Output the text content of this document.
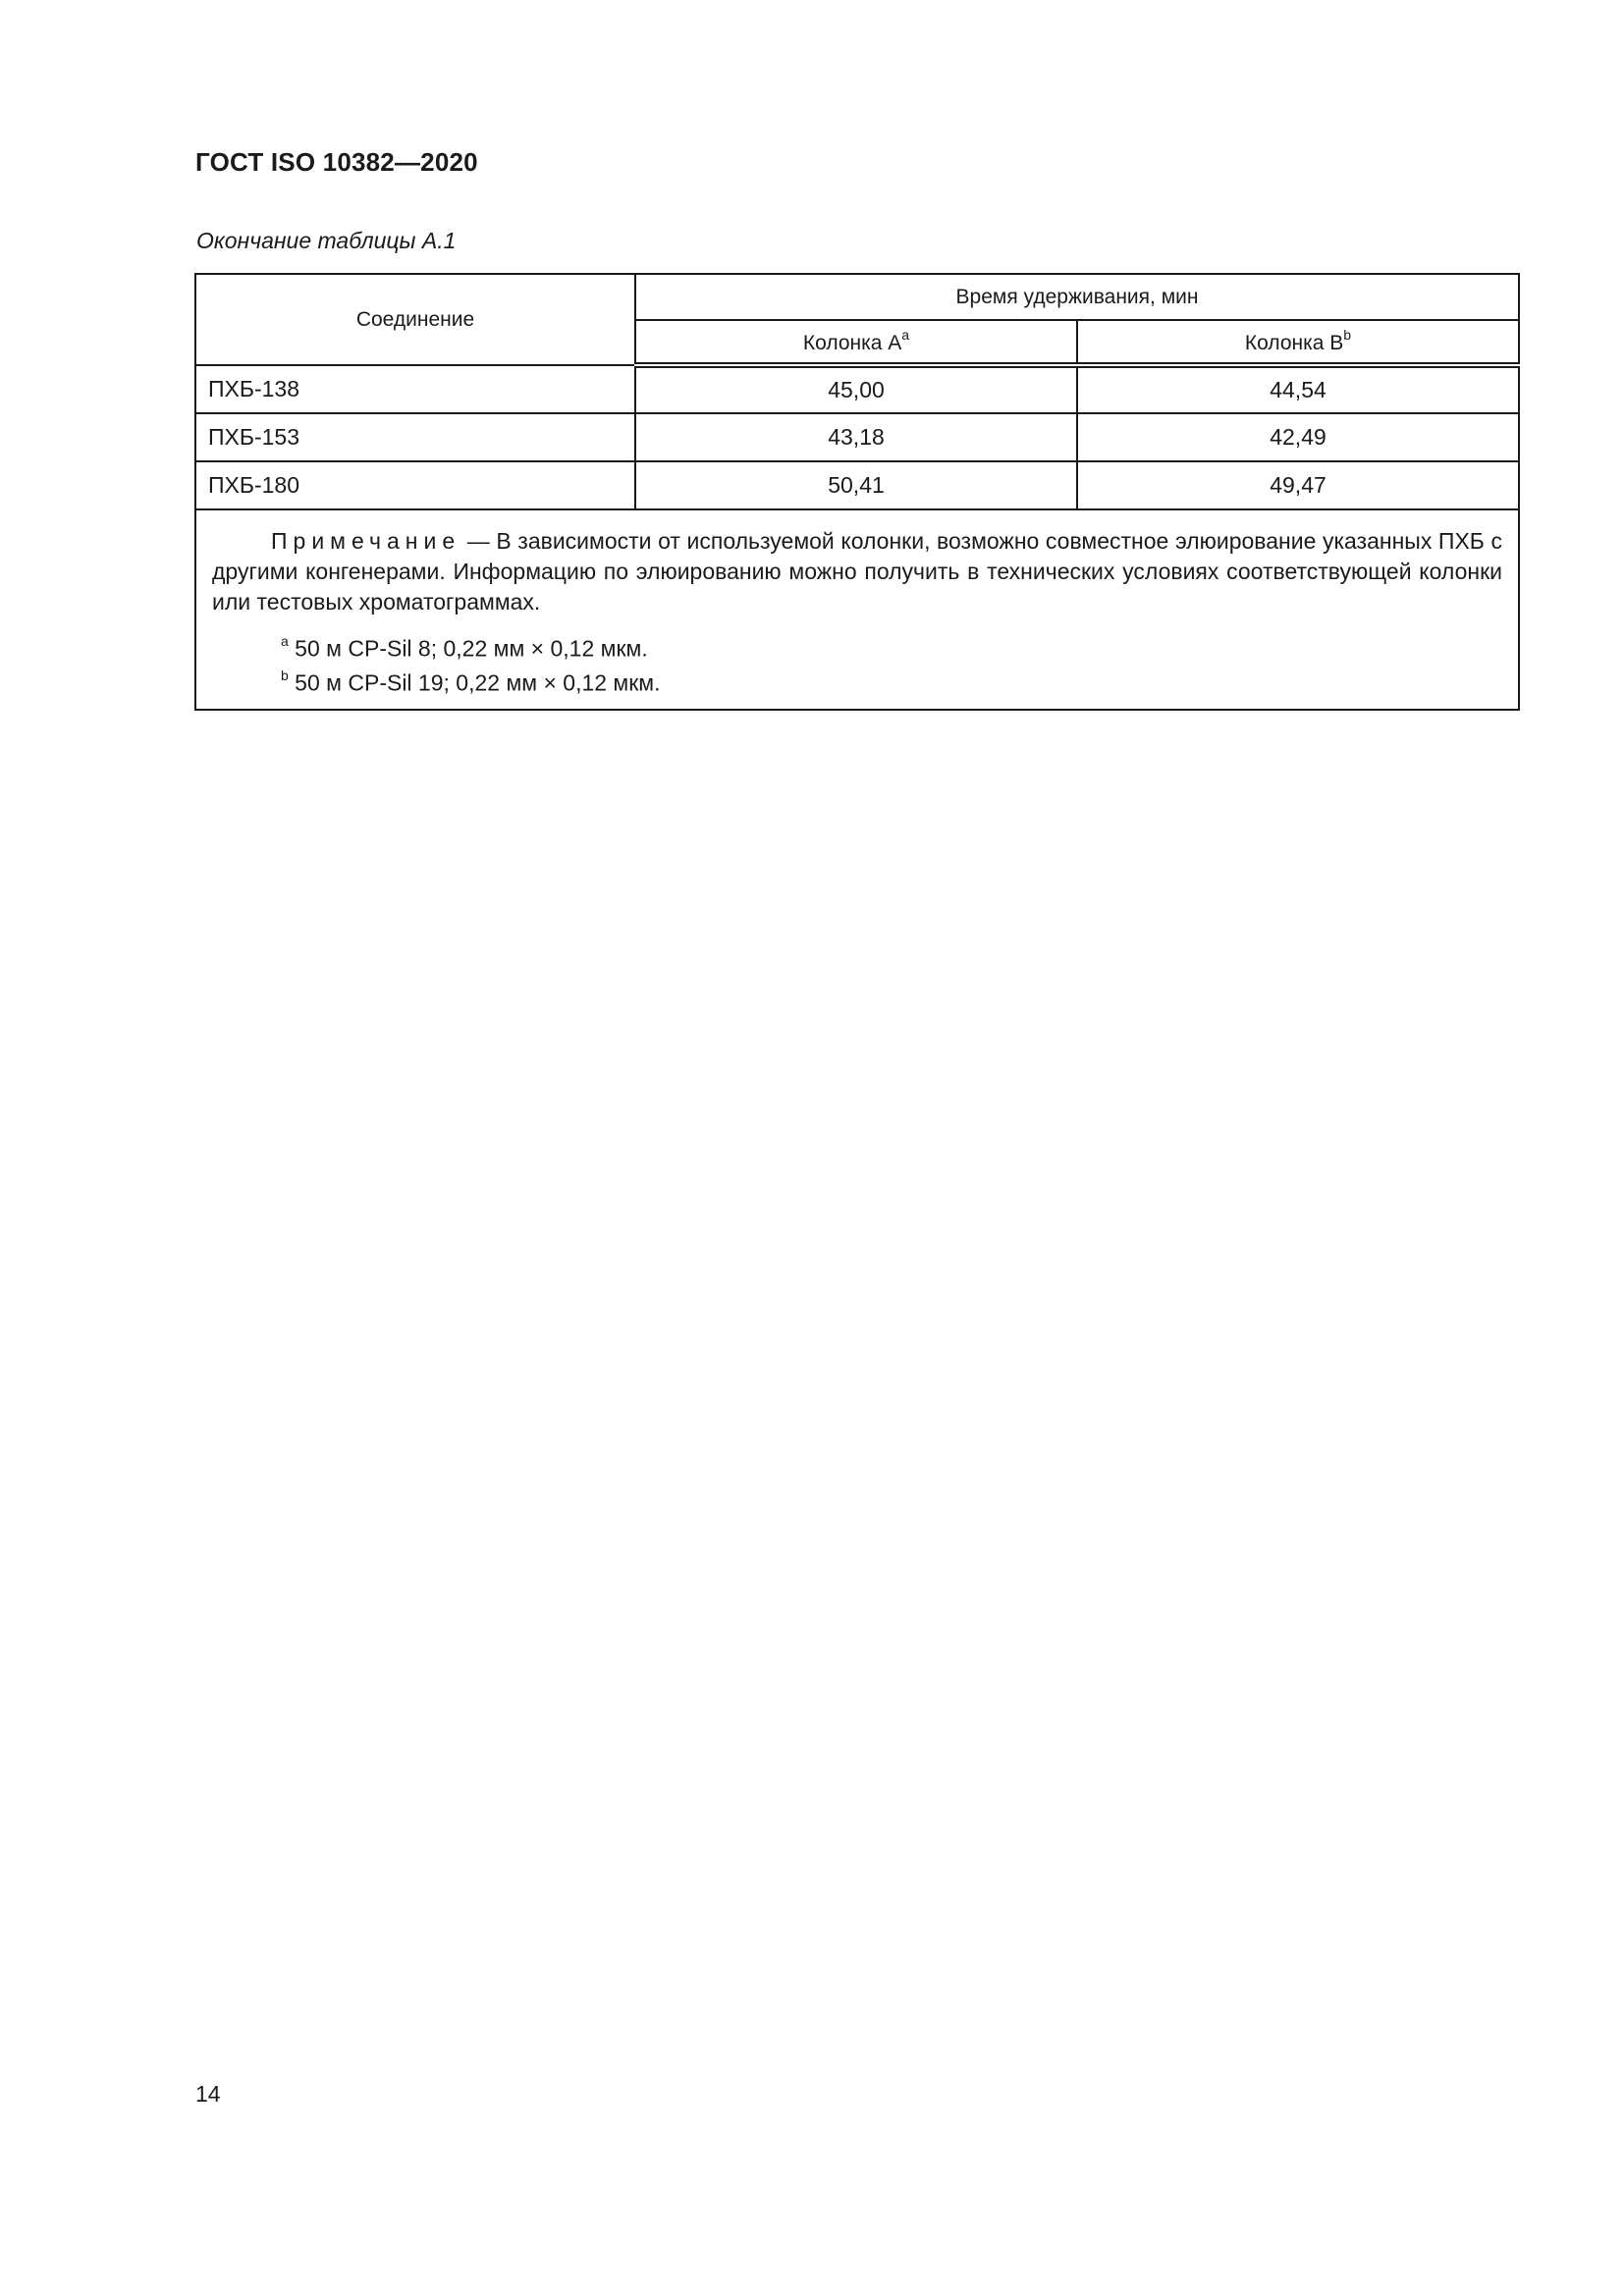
ГОСТ ISO 10382—2020
Окончание таблицы А.1
Соединение	Время удерживания, мин	
	Колонка $А^a$	Колонка $В^b$
ПХБ-138	45,00	44,54
ПХБ-153	43,18	42,49
ПХБ-180	50,41	49,47

Примечание — В зависимости от используемой колонки, возможно совместное элюирование указанных ПХБ с другими конгенерами. Информацию по элюированию можно получить в технических условиях соответствующей колонки или тестовых хроматограммах.

$^a$ 50 м CP-Sil 8; 0,22 мм × 0,12 мкм.

$^b$ 50 м CP-Sil 19; 0,22 мм × 0,12 мкм.		

14
